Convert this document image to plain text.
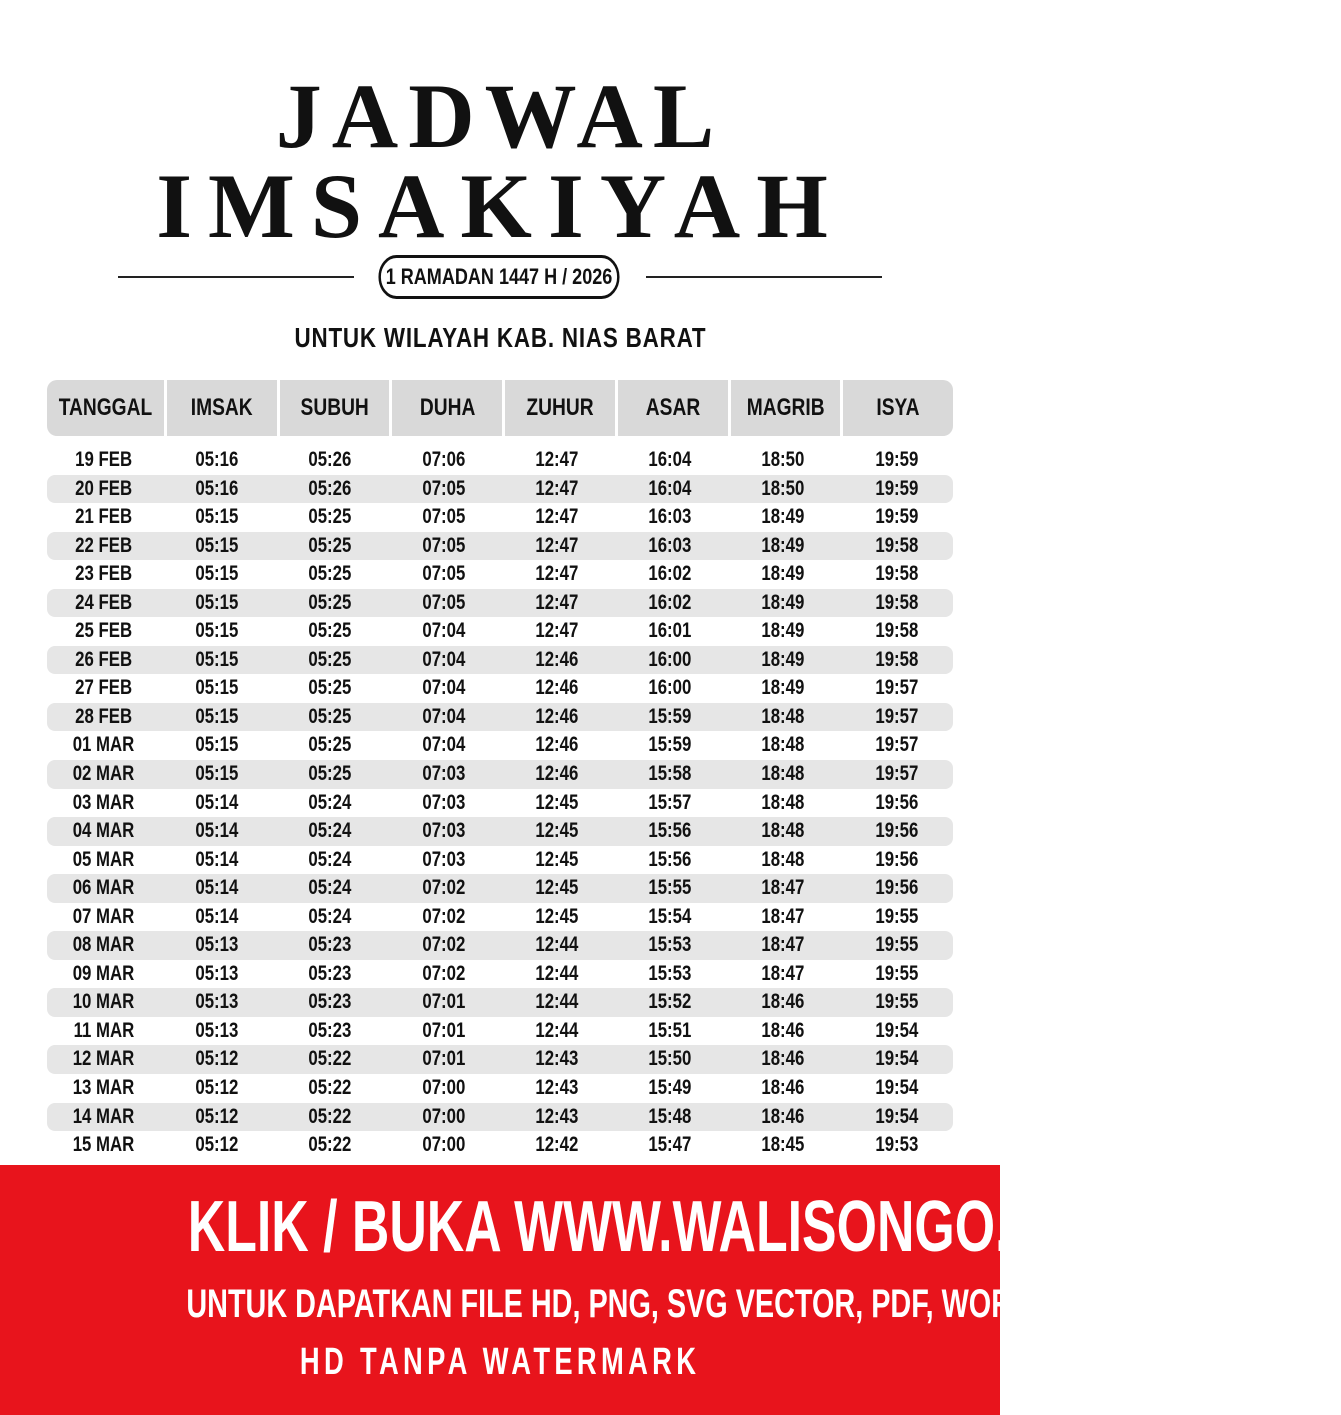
JADWAL
IMSAKIYAH
1 RAMADAN 1447 H / 2026
UNTUK WILAYAH KAB. NIAS BARAT
TANGGAL	IMSAK	SUBUH	DUHA	ZUHUR	ASAR	MAGRIB	ISYA
19 FEB	05:16	05:26	07:06	12:47	16:04	18:50	19:59
20 FEB	05:16	05:26	07:05	12:47	16:04	18:50	19:59
21 FEB	05:15	05:25	07:05	12:47	16:03	18:49	19:59
22 FEB	05:15	05:25	07:05	12:47	16:03	18:49	19:58
23 FEB	05:15	05:25	07:05	12:47	16:02	18:49	19:58
24 FEB	05:15	05:25	07:05	12:47	16:02	18:49	19:58
25 FEB	05:15	05:25	07:04	12:47	16:01	18:49	19:58
26 FEB	05:15	05:25	07:04	12:46	16:00	18:49	19:58
27 FEB	05:15	05:25	07:04	12:46	16:00	18:49	19:57
28 FEB	05:15	05:25	07:04	12:46	15:59	18:48	19:57
01 MAR	05:15	05:25	07:04	12:46	15:59	18:48	19:57
02 MAR	05:15	05:25	07:03	12:46	15:58	18:48	19:57
03 MAR	05:14	05:24	07:03	12:45	15:57	18:48	19:56
04 MAR	05:14	05:24	07:03	12:45	15:56	18:48	19:56
05 MAR	05:14	05:24	07:03	12:45	15:56	18:48	19:56
06 MAR	05:14	05:24	07:02	12:45	15:55	18:47	19:56
07 MAR	05:14	05:24	07:02	12:45	15:54	18:47	19:55
08 MAR	05:13	05:23	07:02	12:44	15:53	18:47	19:55
09 MAR	05:13	05:23	07:02	12:44	15:53	18:47	19:55
10 MAR	05:13	05:23	07:01	12:44	15:52	18:46	19:55
11 MAR	05:13	05:23	07:01	12:44	15:51	18:46	19:54
12 MAR	05:12	05:22	07:01	12:43	15:50	18:46	19:54
13 MAR	05:12	05:22	07:00	12:43	15:49	18:46	19:54
14 MAR	05:12	05:22	07:00	12:43	15:48	18:46	19:54
15 MAR	05:12	05:22	07:00	12:42	15:47	18:45	19:53
KLIK / BUKA WWW.WALISONGO.CO.ID
UNTUK DAPATKAN FILE HD, PNG, SVG VECTOR, PDF, WORD, EXCEL
HD TANPA WATERMARK
